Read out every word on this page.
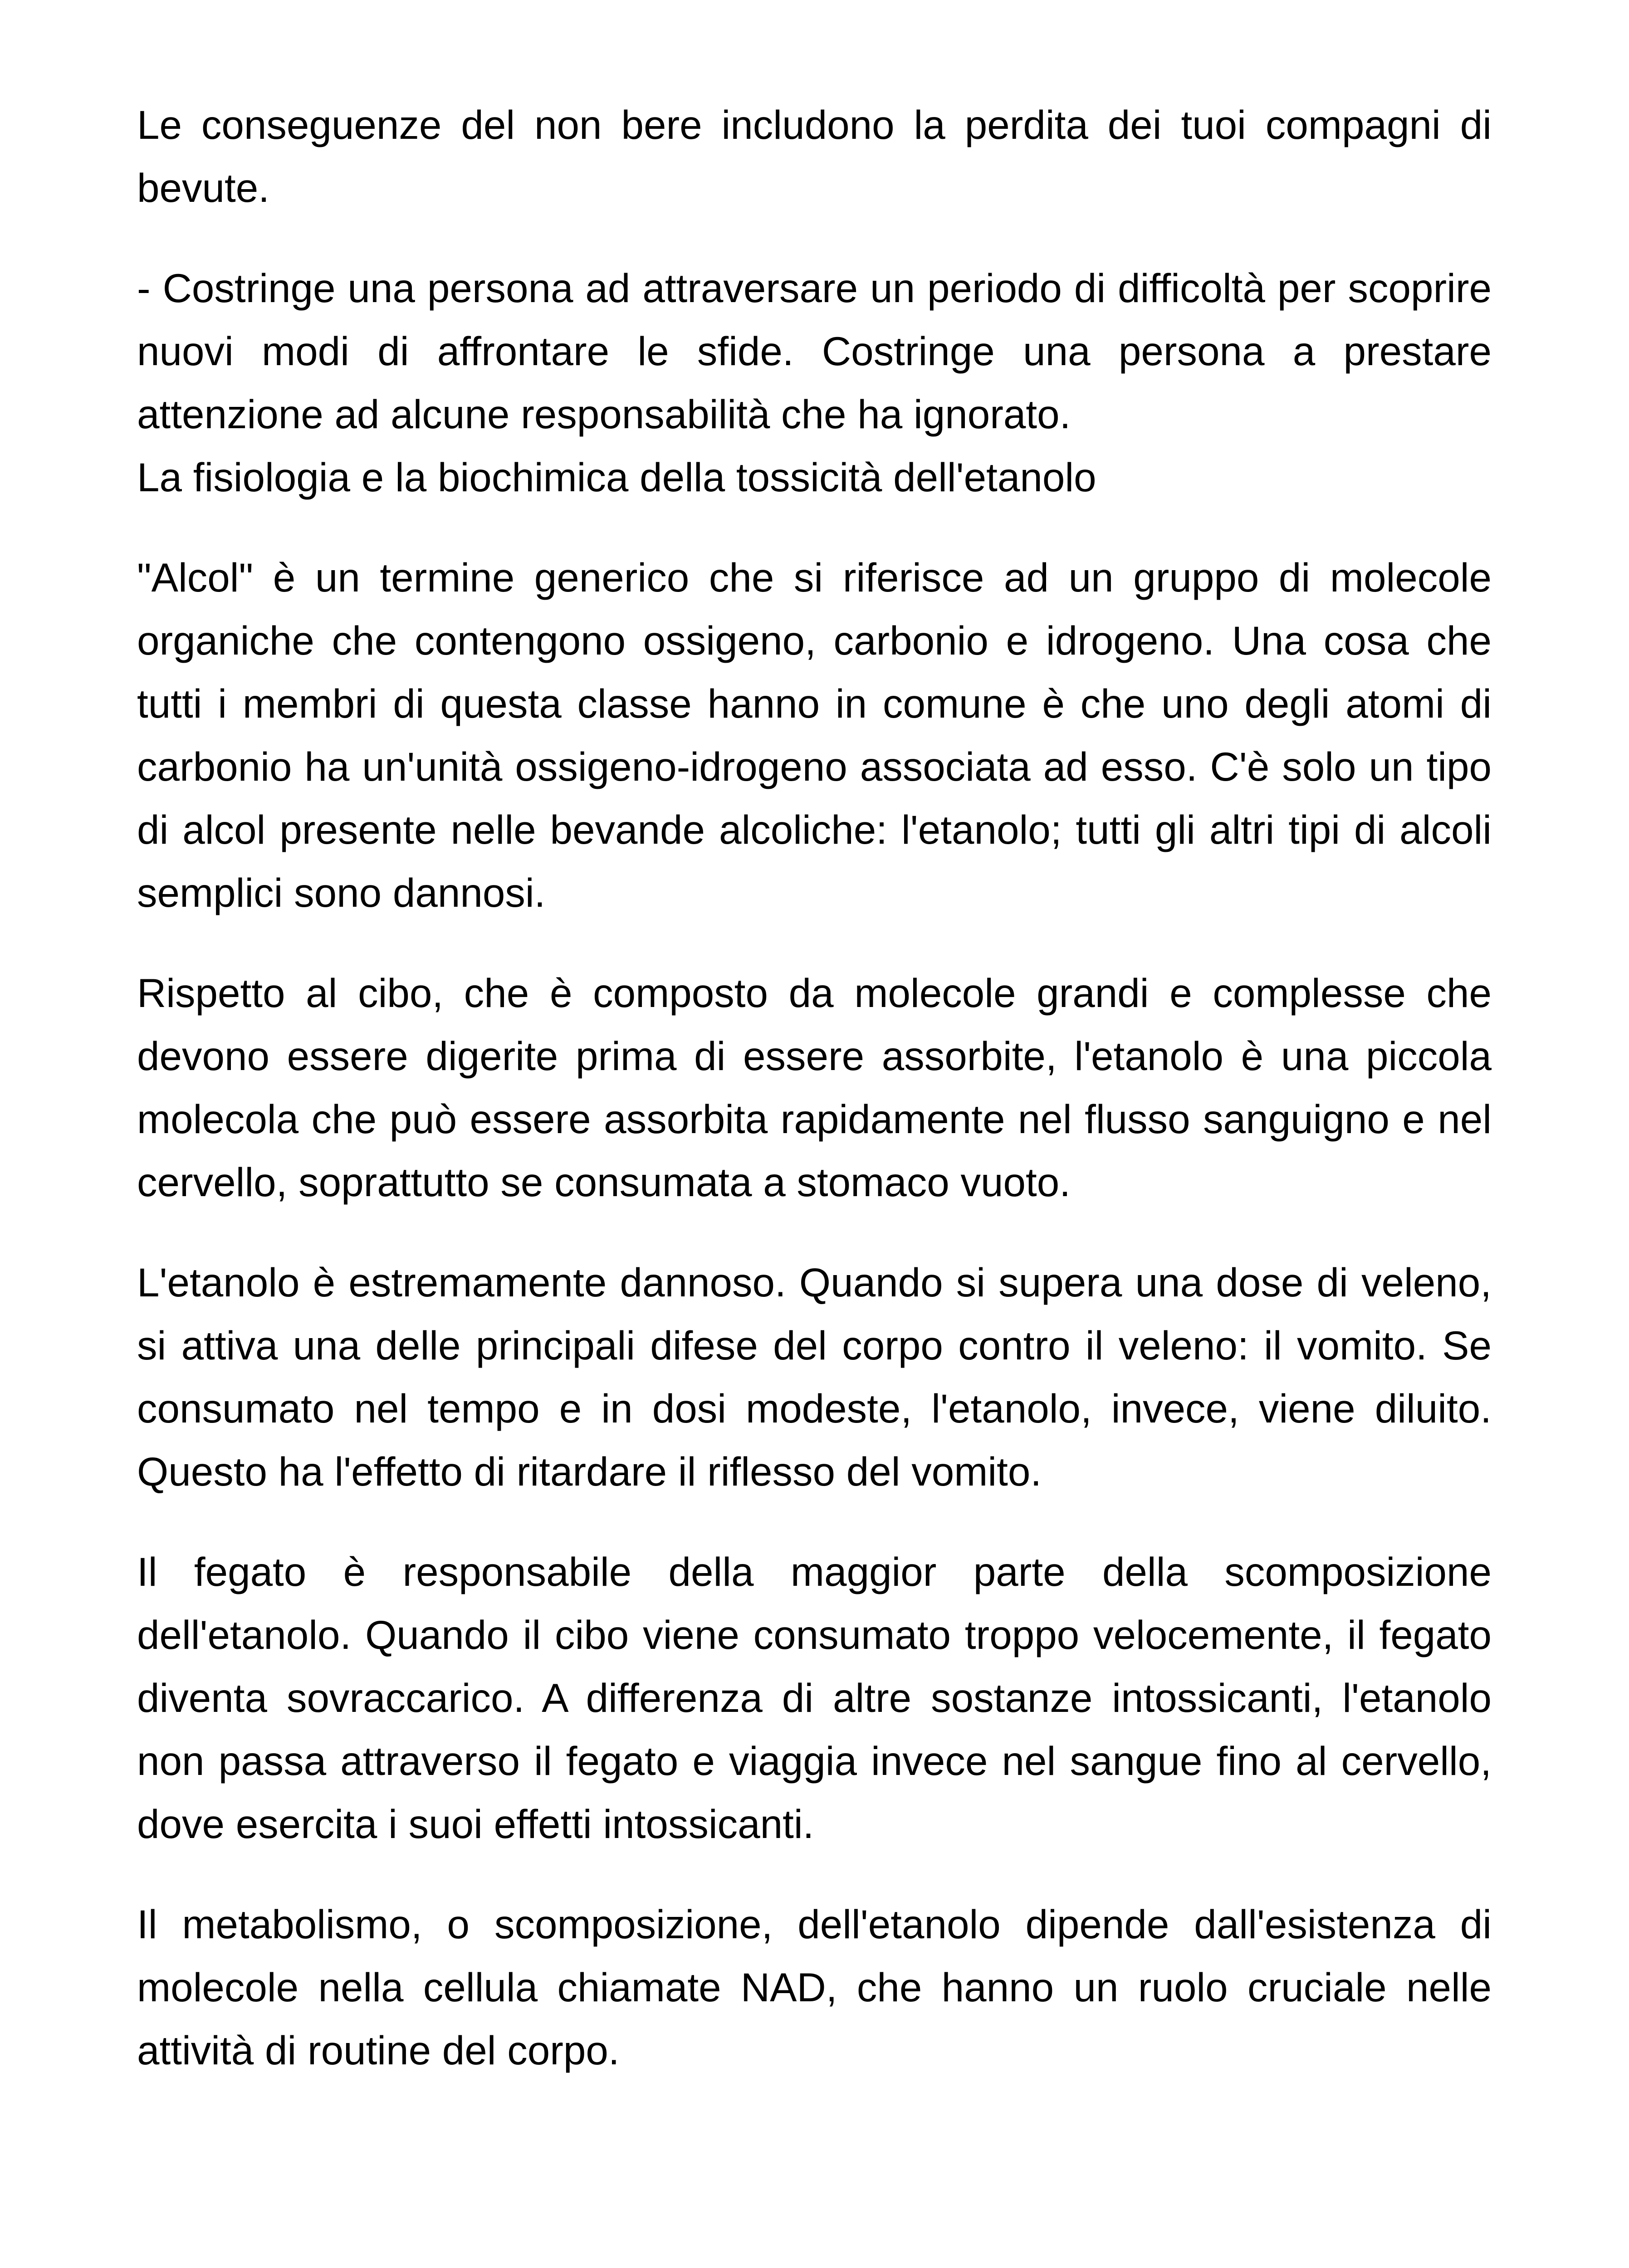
Le conseguenze del non bere includono la perdita dei tuoi compagni di bevute.

- Costringe una persona ad attraversare un periodo di difficoltà per scoprire nuovi modi di affrontare le sfide. Costringe una persona a prestare attenzione ad alcune responsabilità che ha ignorato.

La fisiologia e la biochimica della tossicità dell'etanolo

"Alcol" è un termine generico che si riferisce ad un gruppo di molecole organiche che contengono ossigeno, carbonio e idrogeno. Una cosa che tutti i membri di questa classe hanno in comune è che uno degli atomi di carbonio ha un'unità ossigeno-idrogeno associata ad esso. C'è solo un tipo di alcol presente nelle bevande alcoliche: l'etanolo; tutti gli altri tipi di alcoli semplici sono dannosi.

Rispetto al cibo, che è composto da molecole grandi e complesse che devono essere digerite prima di essere assorbite, l'etanolo è una piccola molecola che può essere assorbita rapidamente nel flusso sanguigno e nel cervello, soprattutto se consumata a stomaco vuoto.

L'etanolo è estremamente dannoso. Quando si supera una dose di veleno, si attiva una delle principali difese del corpo contro il veleno: il vomito. Se consumato nel tempo e in dosi modeste, l'etanolo, invece, viene diluito. Questo ha l'effetto di ritardare il riflesso del vomito.

Il fegato è responsabile della maggior parte della scomposizione dell'etanolo. Quando il cibo viene consumato troppo velocemente, il fegato diventa sovraccarico. A differenza di altre sostanze intossicanti, l'etanolo non passa attraverso il fegato e viaggia invece nel sangue fino al cervello, dove esercita i suoi effetti intossicanti.

Il metabolismo, o scomposizione, dell'etanolo dipende dall'esistenza di molecole nella cellula chiamate NAD, che hanno un ruolo cruciale nelle attività di routine del corpo.
